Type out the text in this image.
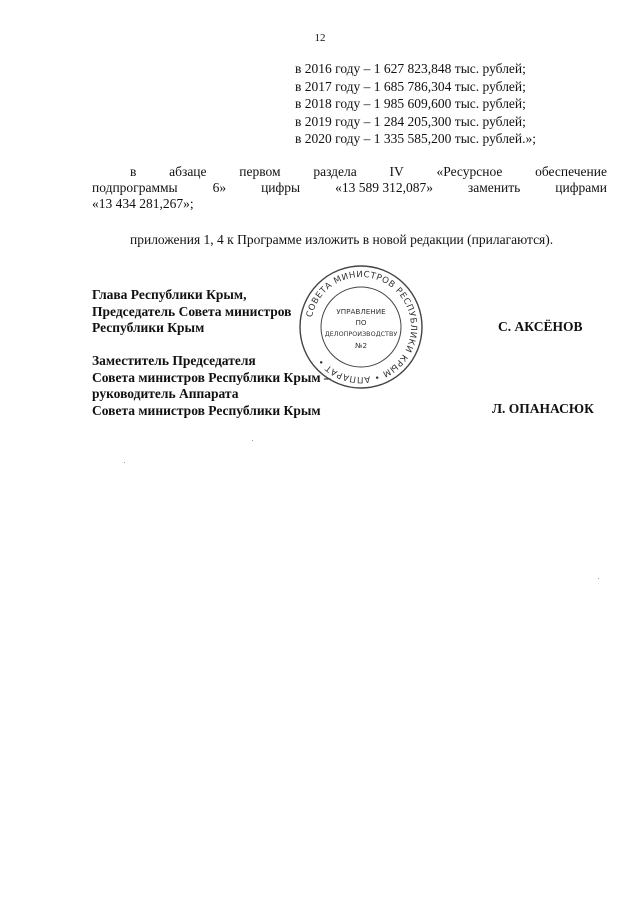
12
в 2016 году – 1 627 823,848 тыс. рублей;
в 2017 году – 1 685 786,304 тыс. рублей;
в 2018 году – 1 985 609,600 тыс. рублей;
в 2019 году – 1 284 205,300 тыс. рублей;
в 2020 году – 1 335 585,200 тыс. рублей.»;
в абзаце первом раздела IV «Ресурсное обеспечение
подпрограммы	6»	цифры	«13 589 312,087»	заменить	цифрами
«13 434 281,267»;
приложения 1, 4 к Программе изложить в новой редакции (прилагаются).
Глава Республики Крым,
Председатель Совета министров
Республики Крым	С. АКСЁНОВ
Заместитель Председателя
Совета министров Республики Крым –
руководитель Аппарата
Совета министров Республики Крым	Л. ОПАНАСЮК
СОВЕТА МИНИСТРОВ РЕСПУБЛИКИ КРЫМ • АППАРАТ •
УПРАВЛЕНИЕ
ПО
ДЕЛОПРОИЗВОДСТВУ
№2
